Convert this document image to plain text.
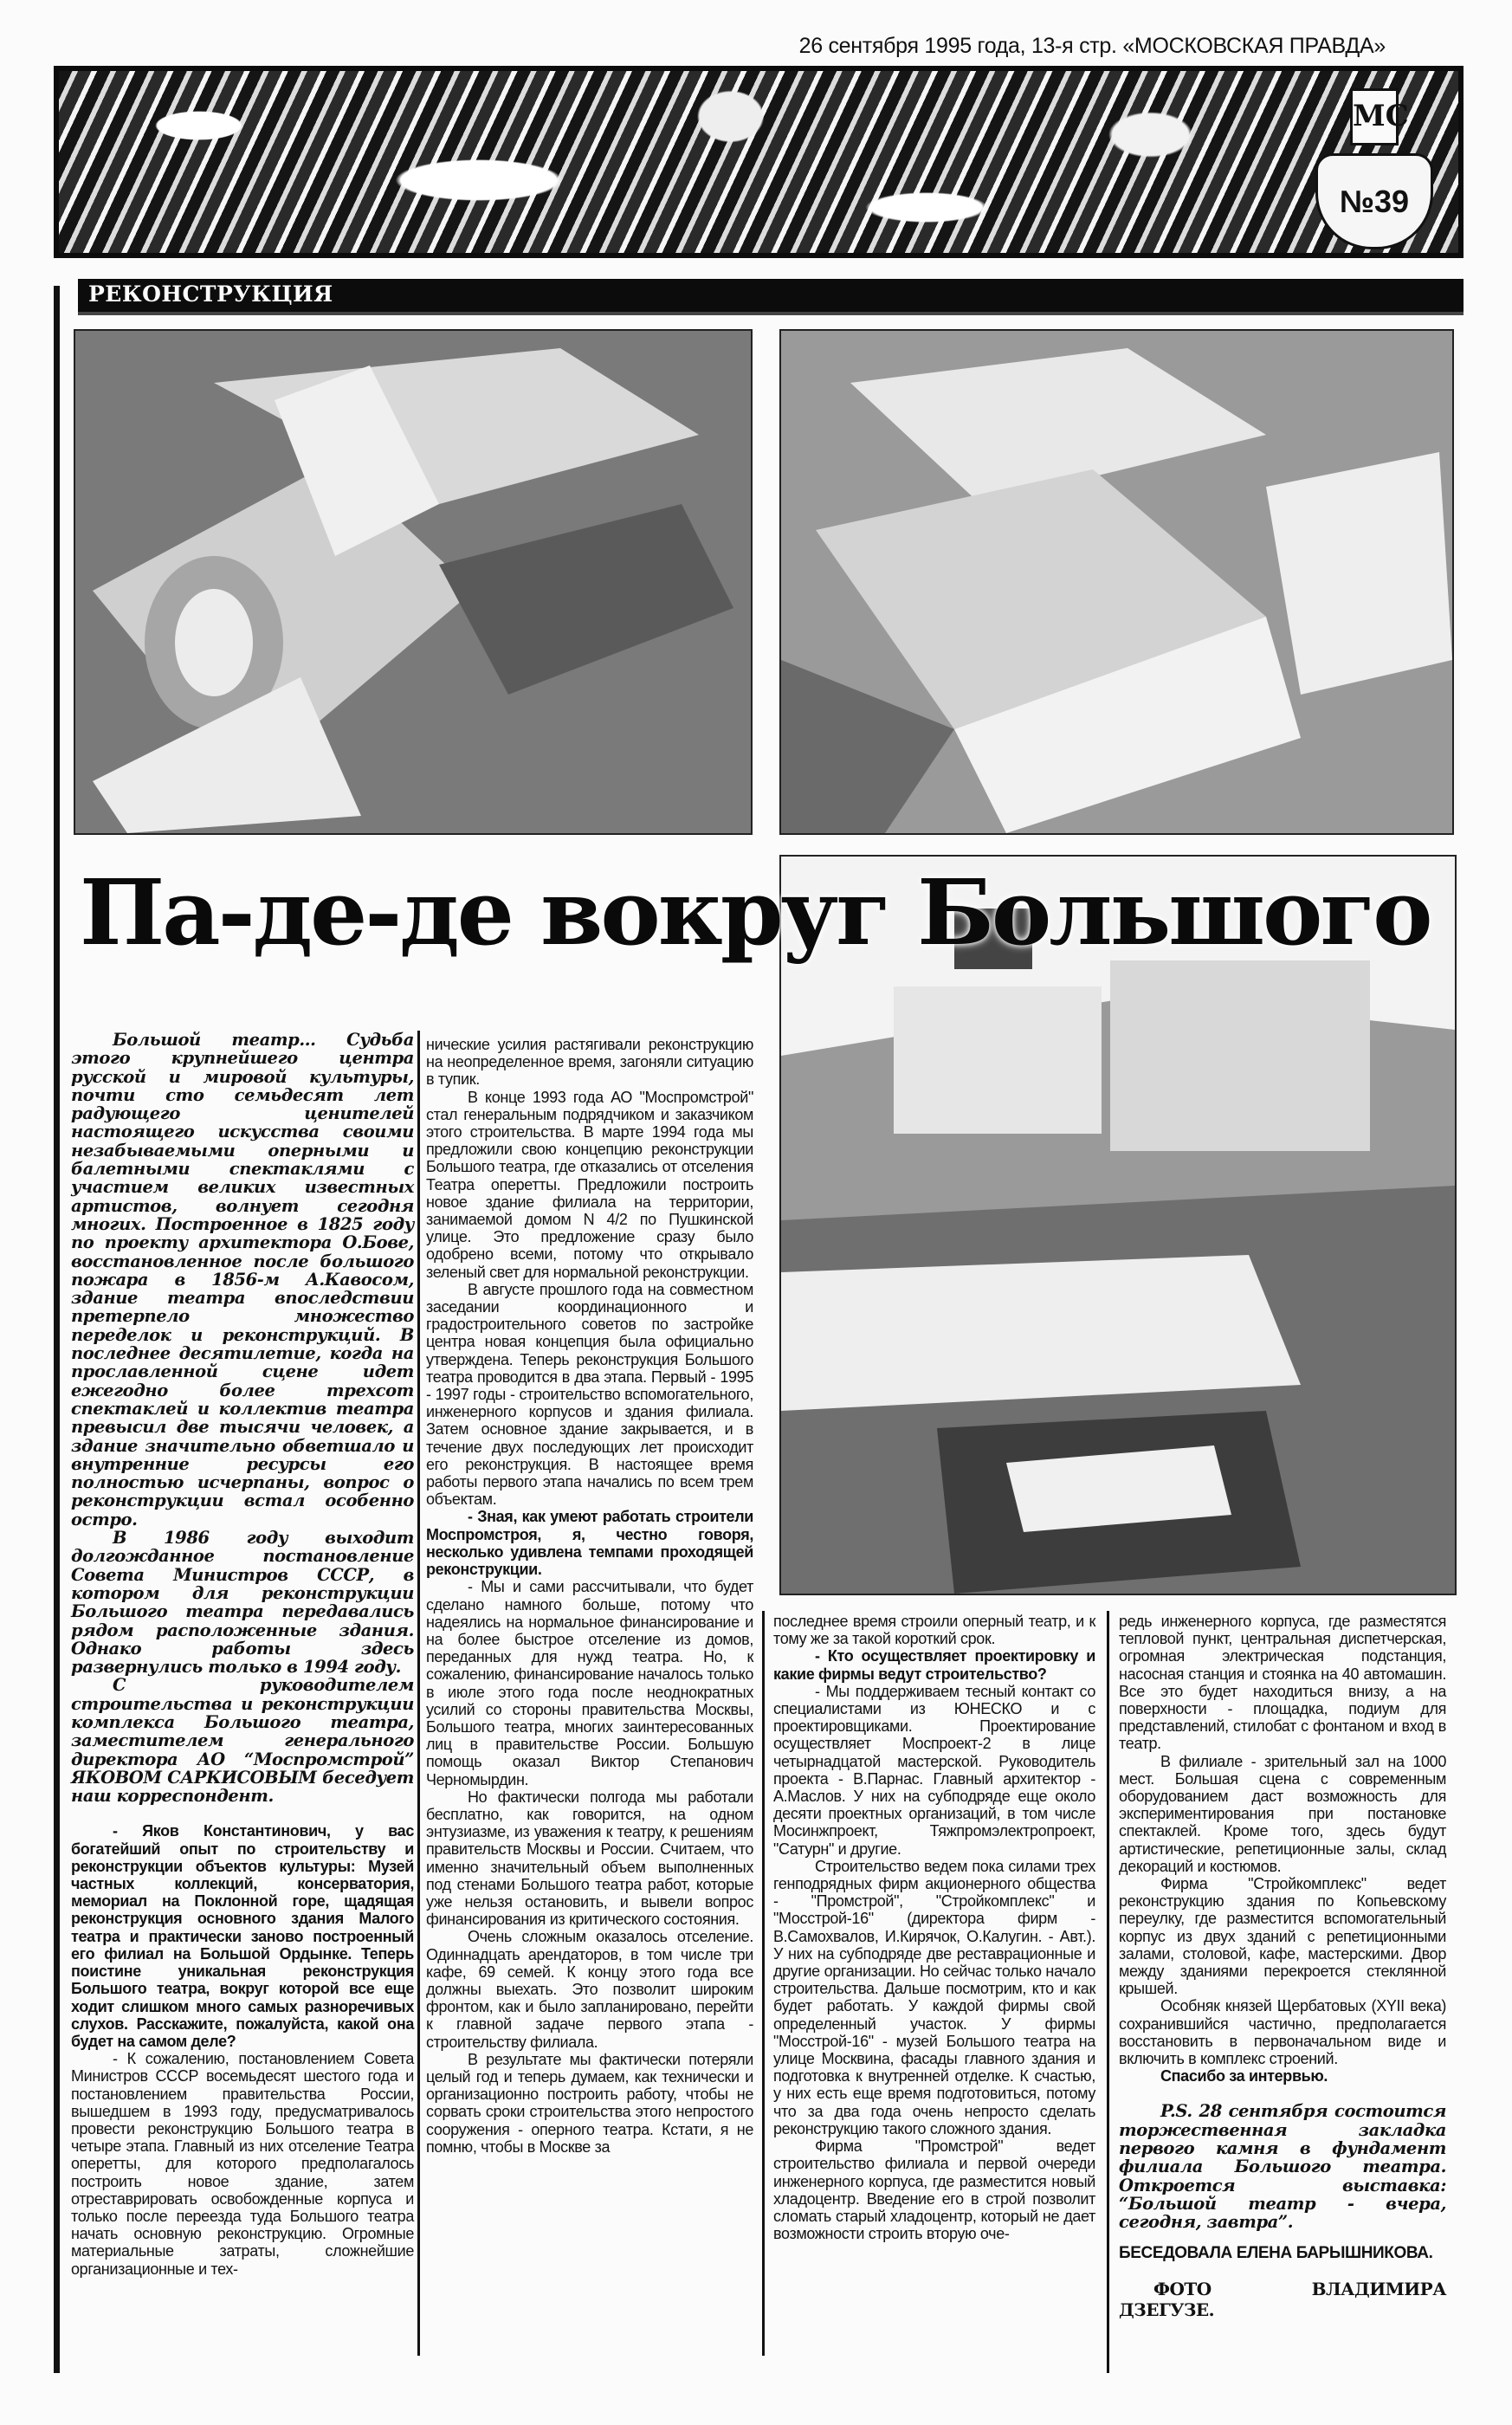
26 сентября 1995 года, 13-я стр. «МОСКОВСКАЯ ПРАВДА»
МС
№39
РЕКОНСТРУКЦИЯ
Па-де-де вокруг Большого

Большой театр... Судьба этого крупнейшего центра русской и мировой культуры, почти сто семьдесят лет радующего ценителей настоящего искусства своими незабываемыми оперными и балетными спектаклями с участием великих известных артистов, волнует сегодня многих. Построенное в 1825 году по проекту архитектора О.Бове, восстановленное после большого пожара в 1856-м А.Кавосом, здание театра впоследствии претерпело множество переделок и реконструкций. В последнее десятилетие, когда на прославленной сцене идет ежегодно более трехсот спектаклей и коллектив театра превысил две тысячи человек, а здание значительно обветшало и внутренние ресурсы его полностью исчерпаны, вопрос о реконструкции встал особенно остро.

В 1986 году выходит долгожданное постановление Совета Министров СССР, в котором для реконструкции Большого театра передавались рядом расположенные здания. Однако работы здесь развернулись только в 1994 году.

С руководителем строительства и реконструкции комплекса Большого театра, заместителем генерального директора АО “Моспромстрой” ЯКОВОМ САРКИСОВЫМ беседует наш корреспондент.

- Яков Константинович, у вас богатейший опыт по строительству и реконструкции объектов культуры: Музей частных коллекций, консерватория, мемориал на Поклонной горе, щадящая реконструкция основного здания Малого театра и практически заново построенный его филиал на Большой Ордынке. Теперь поистине уникальная реконструкция Большого театра, вокруг которой все еще ходит слишком много самых разноречивых слухов. Расскажите, пожалуйста, какой она будет на самом деле?

- К сожалению, постановлением Совета Министров СССР восемьдесят шестого года и постановлением правительства России, вышедшем в 1993 году, предусматривалось провести реконструкцию Большого театра в четыре этапа. Главный из них отселение Театра оперетты, для которого предполагалось построить новое здание, затем отреставрировать освобожденные корпуса и только после переезда туда Большого театра начать основную реконструкцию. Огромные материальные затраты, сложнейшие организационные и тех-

нические усилия растягивали реконструкцию на неопределенное время, загоняли ситуацию в тупик.

В конце 1993 года АО "Моспромстрой" стал генеральным подрядчиком и заказчиком этого строительства. В марте 1994 года мы предложили свою концепцию реконструкции Большого театра, где отказались от отселения Театра оперетты. Предложили построить новое здание филиала на территории, занимаемой домом N 4/2 по Пушкинской улице. Это предложение сразу было одобрено всеми, потому что открывало зеленый свет для нормальной реконструкции.

В августе прошлого года на совместном заседании координационного и градостроительного советов по застройке центра новая концепция была официально утверждена. Теперь реконструкция Большого театра проводится в два этапа. Первый - 1995 - 1997 годы - строительство вспомогательного, инженерного корпусов и здания филиала. Затем основное здание закрывается, и в течение двух последующих лет происходит его реконструкция. В настоящее время работы первого этапа начались по всем трем объектам.

- Зная, как умеют работать строители Моспромстроя, я, честно говоря, несколько удивлена темпами проходящей реконструкции.

- Мы и сами рассчитывали, что будет сделано намного больше, потому что надеялись на нормальное финансирование и на более быстрое отселение из домов, переданных для нужд театра. Но, к сожалению, финансирование началось только в июле этого года после неоднократных усилий со стороны правительства Москвы, Большого театра, многих заинтересованных лиц в правительстве России. Большую помощь оказал Виктор Степанович Черномырдин.

Но фактически полгода мы работали бесплатно, как говорится, на одном энтузиазме, из уважения к театру, к решениям правительств Москвы и России. Считаем, что именно значительный объем выполненных под стенами Большого театра работ, которые уже нельзя остановить, и вывели вопрос финансирования из критического состояния.

Очень сложным оказалось отселение. Одиннадцать арендаторов, в том числе три кафе, 69 семей. К концу этого года все должны выехать. Это позволит широким фронтом, как и было запланировано, перейти к главной задаче первого этапа - строительству филиала.

В результате мы фактически потеряли целый год и теперь думаем, как технически и организационно построить работу, чтобы не сорвать сроки строительства этого непростого сооружения - оперного театра. Кстати, я не помню, чтобы в Москве за

последнее время строили оперный театр, и к тому же за такой короткий срок.

- Кто осуществляет проектировку и какие фирмы ведут строительство?

- Мы поддерживаем тесный контакт со специалистами из ЮНЕСКО и с проектировщиками. Проектирование осуществляет Моспроект-2 в лице четырнадцатой мастерской. Руководитель проекта - В.Парнас. Главный архитектор - А.Маслов. У них на субподряде еще около десяти проектных организаций, в том числе Мосинжпроект, Тяжпромэлектропроект, "Сатурн" и другие.

Строительство ведем пока силами трех генподрядных фирм акционерного общества - "Промстрой", "Стройкомплекс" и "Мосстрой-16" (директора фирм - В.Самохвалов, И.Кирячок, О.Калугин. - Авт.). У них на субподряде две реставрационные и другие организации. Но сейчас только начало строительства. Дальше посмотрим, кто и как будет работать. У каждой фирмы свой определенный участок. У фирмы "Мосстрой-16" - музей Большого театра на улице Москвина, фасады главного здания и подготовка к внутренней отделке. К счастью, у них есть еще время подготовиться, потому что за два года очень непросто сделать реконструкцию такого сложного здания.

Фирма "Промстрой" ведет строительство филиала и первой очереди инженерного корпуса, где разместится новый хладоцентр. Введение его в строй позволит сломать старый хладоцентр, который не дает возможности строить вторую оче-

редь инженерного корпуса, где разместятся тепловой пункт, центральная диспетчерская, огромная электрическая подстанция, насосная станция и стоянка на 40 автомашин. Все это будет находиться внизу, а на поверхности - площадка, подиум для представлений, стилобат с фонтаном и вход в театр.

В филиале - зрительный зал на 1000 мест. Большая сцена с современным оборудованием даст возможность для экспериментирования при постановке спектаклей. Кроме того, здесь будут артистические, репетиционные залы, склад декораций и костюмов.

Фирма "Стройкомплекс" ведет реконструкцию здания по Копьевскому переулку, где разместится вспомогательный корпус из двух зданий с репетиционными залами, столовой, кафе, мастерскими. Двор между зданиями перекроется стеклянной крышей.

Особняк князей Щербатовых (XYII века) сохранившийся частично, предполагается восстановить в первоначальном виде и включить в комплекс строений.

Спасибо за интервью.

P.S. 28 сентября состоится торжественная закладка первого камня в фундамент филиала Большого театра. Откроется выставка: “Большой театр - вчера, сегодня, завтра”.

БЕСЕДОВАЛА ЕЛЕНА БАРЫШНИКОВА.

ФОТО ВЛАДИМИРА ДЗЕГУЗЕ.
